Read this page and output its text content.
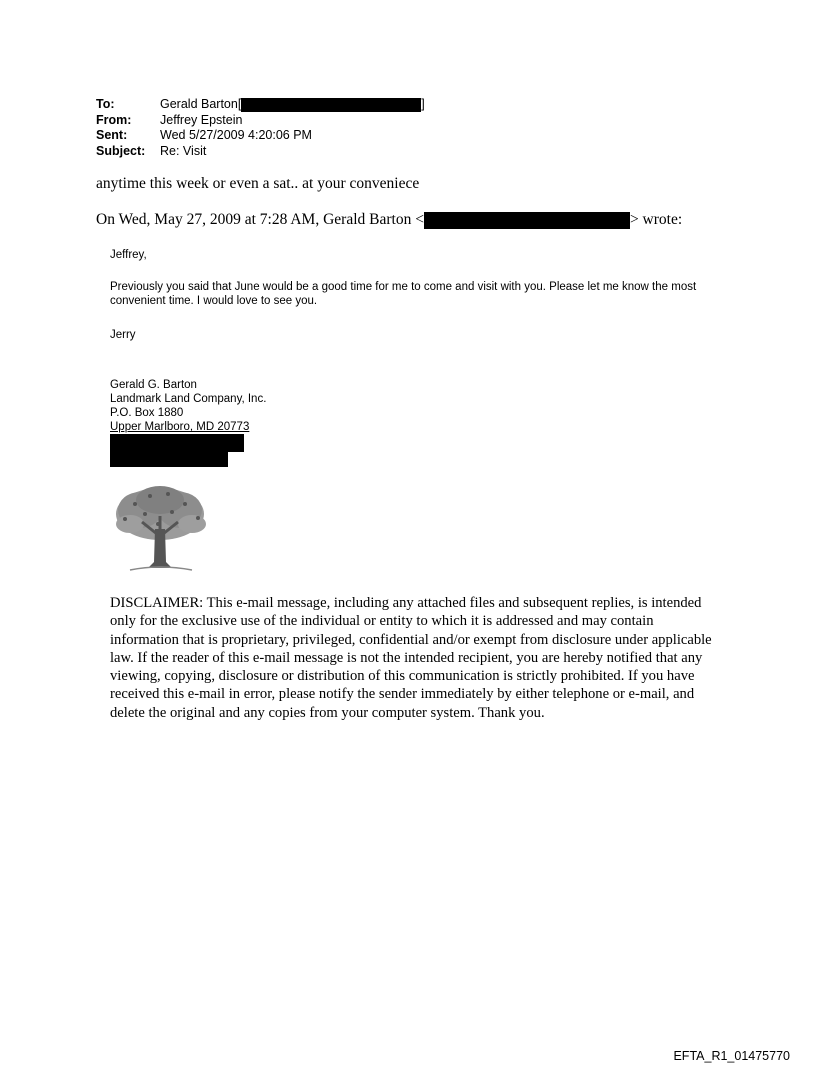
To:	Gerald Barton[	]
From:	Jeffrey Epstein
Sent:	Wed 5/27/2009 4:20:06 PM
Subject:	Re: Visit
anytime this week or even a sat.. at your conveniece
On Wed, May 27, 2009 at 7:28 AM, Gerald Barton <	> wrote:
Jeffrey,
Previously you said that June would be a good time for me to come and visit with you. Please let me know the most convenient time. I would love to see you.
Jerry
Gerald G. Barton
Landmark Land Company, Inc.
P.O. Box 1880
Upper Marlboro, MD 20773
DISCLAIMER: This e-mail message, including any attached files and subsequent replies, is intended only for the exclusive use of the individual or entity to which it is addressed and may contain information that is proprietary, privileged, confidential and/or exempt from disclosure under applicable law. If the reader of this e-mail message is not the intended recipient, you are hereby notified that any viewing, copying, disclosure or distribution of this communication is strictly prohibited. If you have received this e-mail in error, please notify the sender immediately by either telephone or e-mail, and delete the original and any copies from your computer system. Thank you.
EFTA_R1_01475770
